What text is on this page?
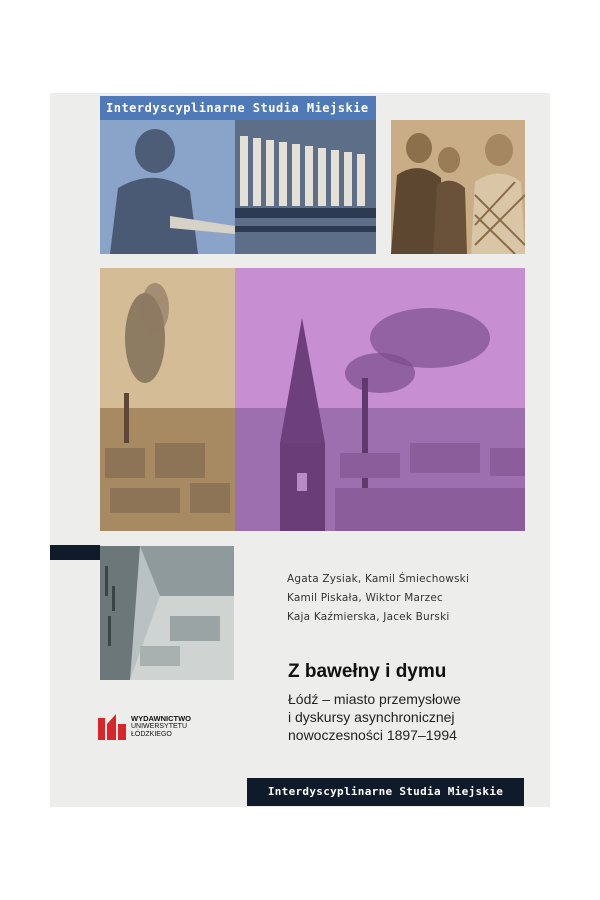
Interdyscyplinarne Studia Miejskie
Agata Zysiak, Kamil Śmiechowski
Kamil Piskała, Wiktor Marzec
Kaja Kaźmierska, Jacek Burski
Z bawełny i dymu
Łódź – miasto przemysłowe
i dyskursy asynchronicznej
nowoczesności 1897–1994
WYDAWNICTWO
UNIWERSYTETU
ŁÓDZKIEGO
Interdyscyplinarne Studia Miejskie
